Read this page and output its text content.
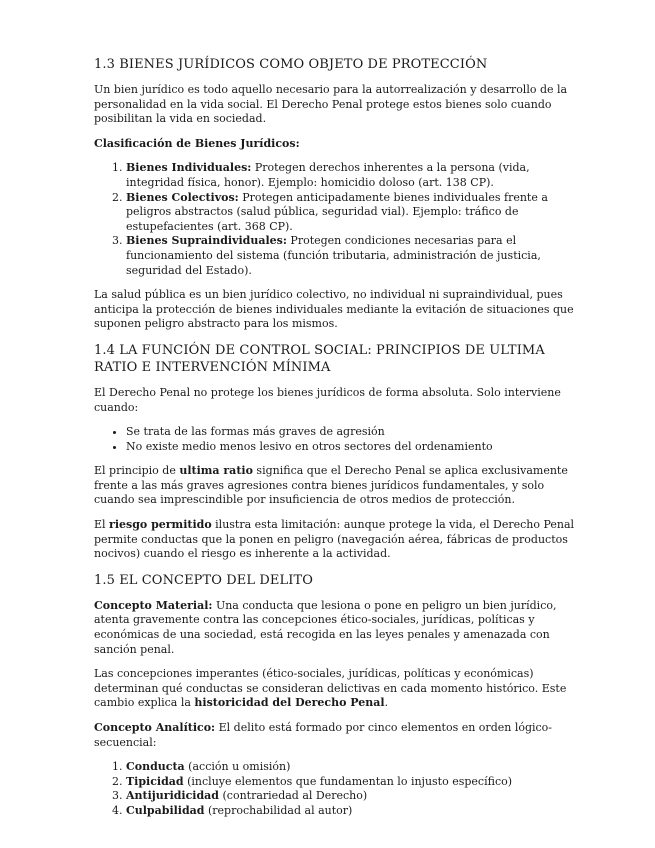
1.3 BIENES JURÍDICOS COMO OBJETO DE PROTECCIÓN

Un bien jurídico es todo aquello necesario para la autorrealización y desarrollo de la personalidad en la vida social. El Derecho Penal protege estos bienes solo cuando posibilitan la vida en sociedad.

Clasificación de Bienes Jurídicos:

1. Bienes Individuales: Protegen derechos inherentes a la persona (vida, integridad física, honor). Ejemplo: homicidio doloso (art. 138 CP).
2. Bienes Colectivos: Protegen anticipadamente bienes individuales frente a peligros abstractos (salud pública, seguridad vial). Ejemplo: tráfico de estupefacientes (art. 368 CP).
3. Bienes Supraindividuales: Protegen condiciones necesarias para el funcionamiento del sistema (función tributaria, administración de justicia, seguridad del Estado).

La salud pública es un bien jurídico colectivo, no individual ni supraindividual, pues anticipa la protección de bienes individuales mediante la evitación de situaciones que suponen peligro abstracto para los mismos.

1.4 LA FUNCIÓN DE CONTROL SOCIAL: PRINCIPIOS DE ULTIMA RATIO E INTERVENCIÓN MÍNIMA

El Derecho Penal no protege los bienes jurídicos de forma absoluta. Solo interviene cuando:

• Se trata de las formas más graves de agresión
• No existe medio menos lesivo en otros sectores del ordenamiento

El principio de ultima ratio significa que el Derecho Penal se aplica exclusivamente frente a las más graves agresiones contra bienes jurídicos fundamentales, y solo cuando sea imprescindible por insuficiencia de otros medios de protección.

El riesgo permitido ilustra esta limitación: aunque protege la vida, el Derecho Penal permite conductas que la ponen en peligro (navegación aérea, fábricas de productos nocivos) cuando el riesgo es inherente a la actividad.

1.5 EL CONCEPTO DEL DELITO

Concepto Material: Una conducta que lesiona o pone en peligro un bien jurídico, atenta gravemente contra las concepciones ético-sociales, jurídicas, políticas y económicas de una sociedad, está recogida en las leyes penales y amenazada con sanción penal.

Las concepciones imperantes (ético-sociales, jurídicas, políticas y económicas) determinan qué conductas se consideran delictivas en cada momento histórico. Este cambio explica la historicidad del Derecho Penal.

Concepto Analítico: El delito está formado por cinco elementos en orden lógico-secuencial:

1. Conducta (acción u omisión)
2. Tipicidad (incluye elementos que fundamentan lo injusto específico)
3. Antijuridicidad (contrariedad al Derecho)
4. Culpabilidad (reprochabilidad al autor)
